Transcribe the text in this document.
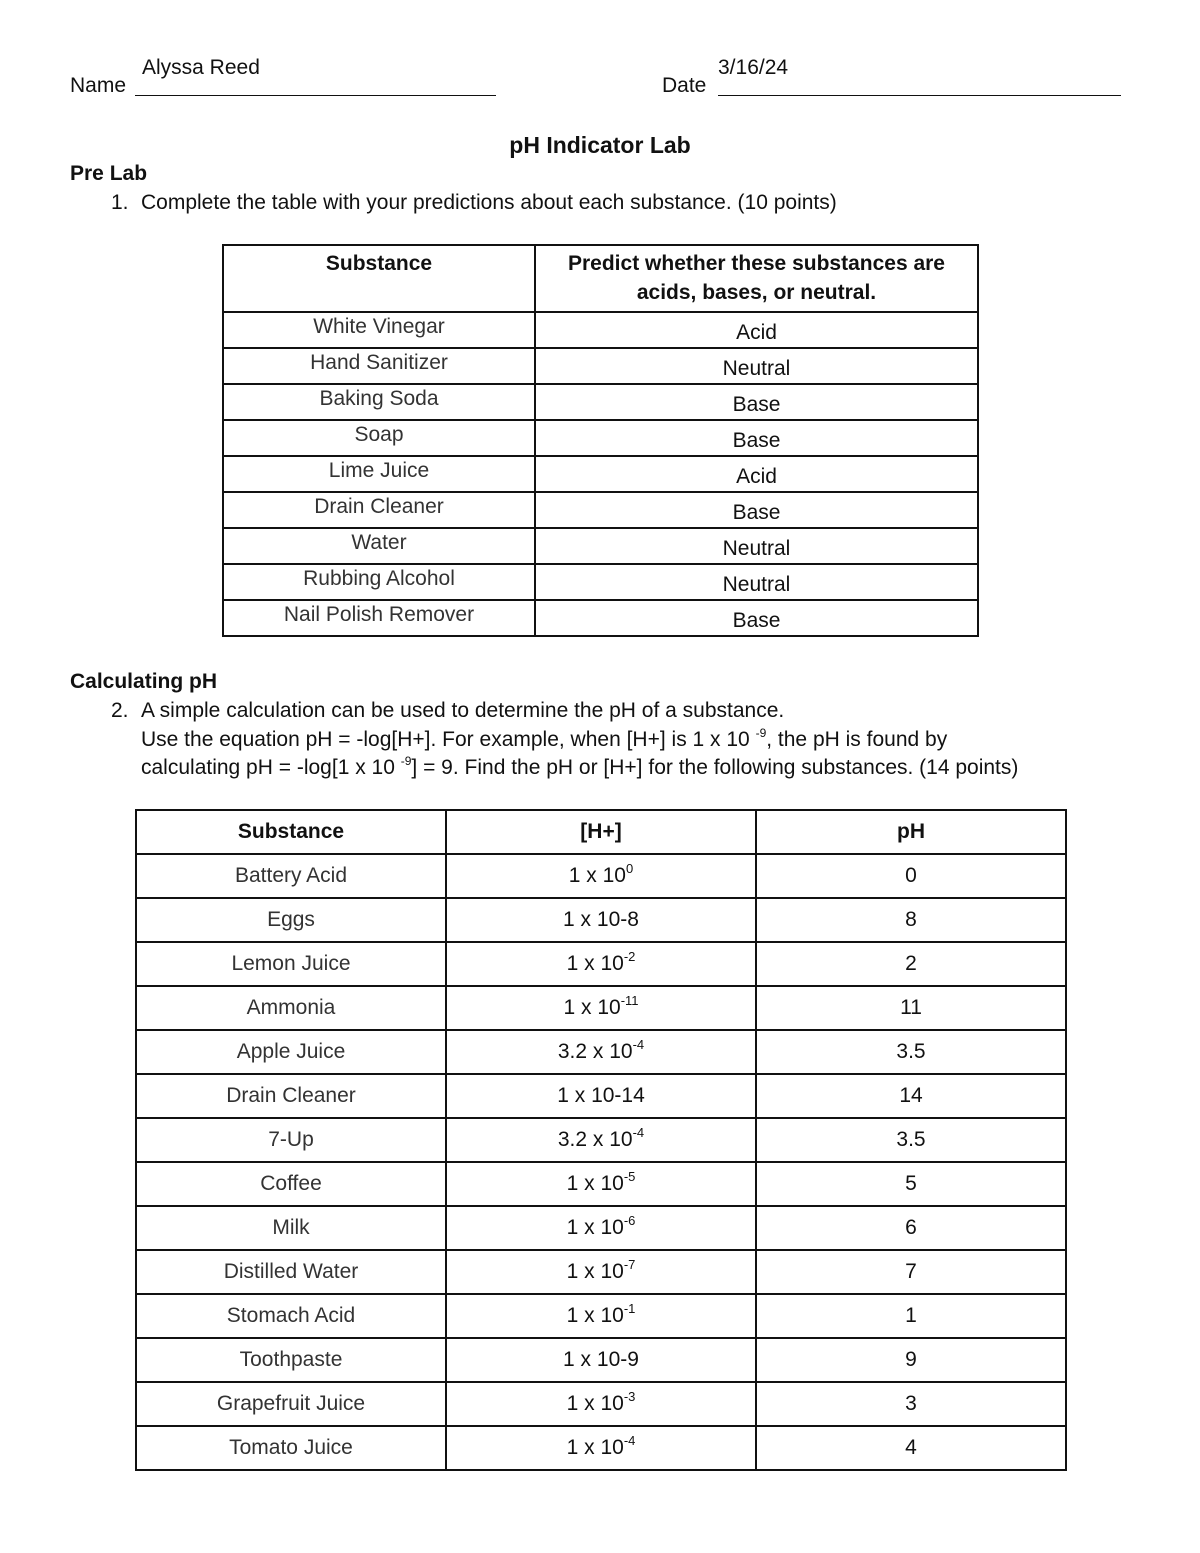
Name
Alyssa Reed
Date
3/16/24
pH Indicator Lab
Pre Lab
1. Complete the table with your predictions about each substance. (10 points)
Substance	Predict whether these substances are
acids, bases, or neutral.
White Vinegar	Acid
Hand Sanitizer	Neutral
Baking Soda	Base
Soap	Base
Lime Juice	Acid
Drain Cleaner	Base
Water	Neutral
Rubbing Alcohol	Neutral
Nail Polish Remover	Base
Calculating pH
2. A simple calculation can be used to determine the pH of a substance.
Use the equation pH = -log[H+]. For example, when [H+] is 1 x 10 $^{-9}$, the pH is found by
calculating pH = -log[1 x 10 $^{-9}$] = 9. Find the pH or [H+] for the following substances. (14 points)
Substance	[H+]	pH
Battery Acid	1 x $10^0$	0
Eggs	1 x 10-8	8
Lemon Juice	1 x $10^{-2}$	2
Ammonia	1 x $10^{-11}$	11
Apple Juice	3.2 x $10^{-4}$	3.5
Drain Cleaner	1 x 10-14	14
7-Up	3.2 x $10^{-4}$	3.5
Coffee	1 x $10^{-5}$	5
Milk	1 x $10^{-6}$	6
Distilled Water	1 x $10^{-7}$	7
Stomach Acid	1 x $10^{-1}$	1
Toothpaste	1 x 10-9	9
Grapefruit Juice	1 x $10^{-3}$	3
Tomato Juice	1 x $10^{-4}$	4
